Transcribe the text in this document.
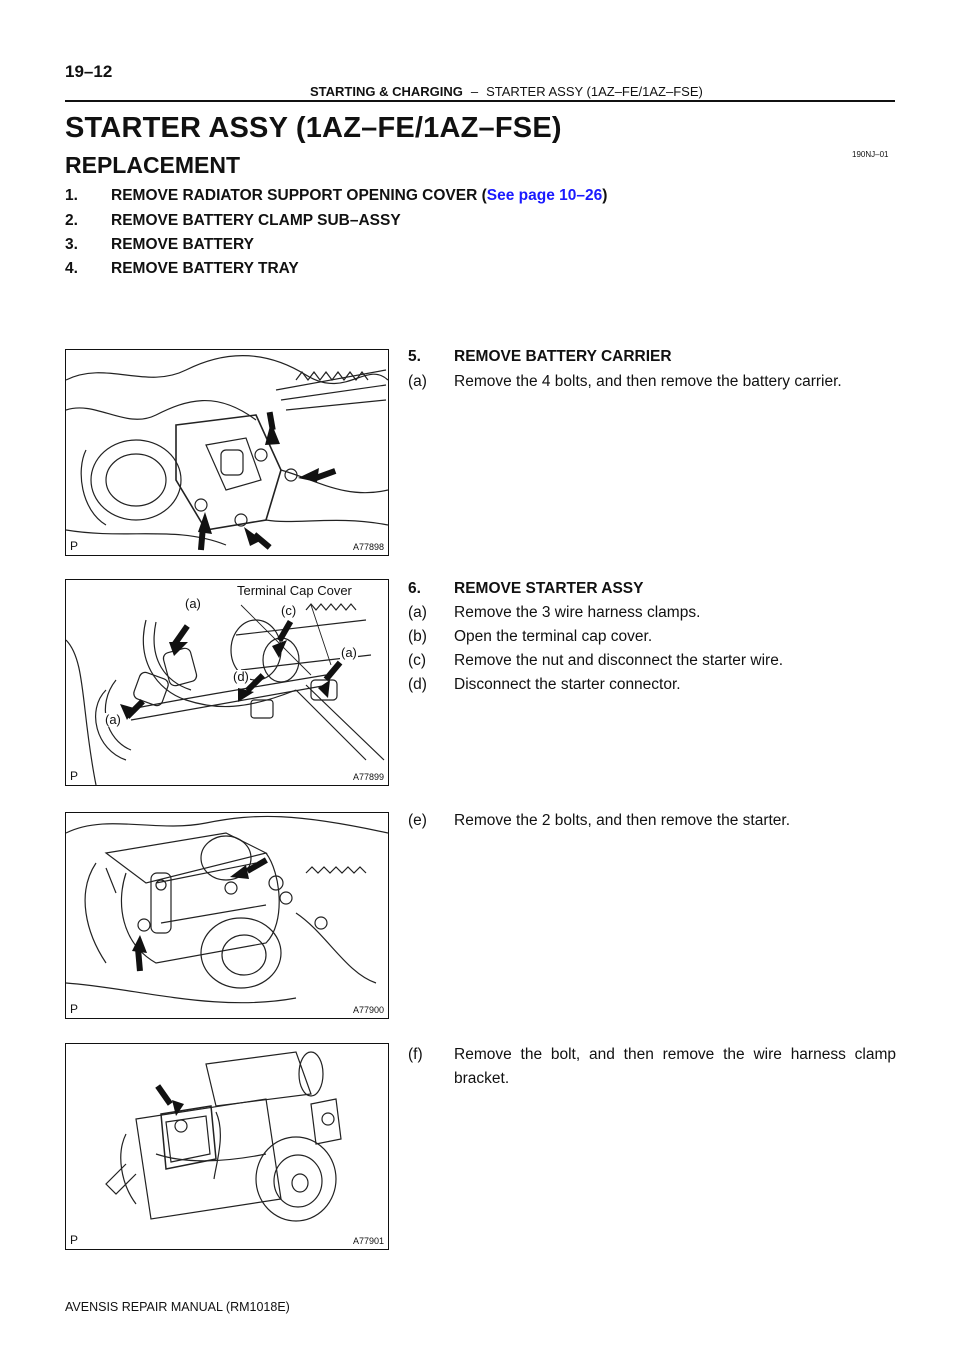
19–12
STARTING & CHARGING – STARTER ASSY (1AZ–FE/1AZ–FSE)
STARTER ASSY (1AZ–FE/1AZ–FSE)
190NJ–01
REPLACEMENT
1. REMOVE RADIATOR SUPPORT OPENING COVER (See page 10–26)
2. REMOVE BATTERY CLAMP SUB–ASSY
3. REMOVE BATTERY
4. REMOVE BATTERY TRAY
P	A77898
5. REMOVE BATTERY CARRIER
(a) Remove the 4 bolts, and then remove the battery carrier.
Terminal Cap Cover
(a)	(c)
(a)
(d)
(a)
P	A77899
6. REMOVE STARTER ASSY
(a) Remove the 3 wire harness clamps.
(b) Open the terminal cap cover.
(c) Remove the nut and disconnect the starter wire.
(d) Disconnect the starter connector.
P	A77900
(e) Remove the 2 bolts, and then remove the starter.
P	A77901
(f)	Remove the bolt, and then remove the wire harness clamp bracket.
AVENSIS REPAIR MANUAL (RM1018E)
